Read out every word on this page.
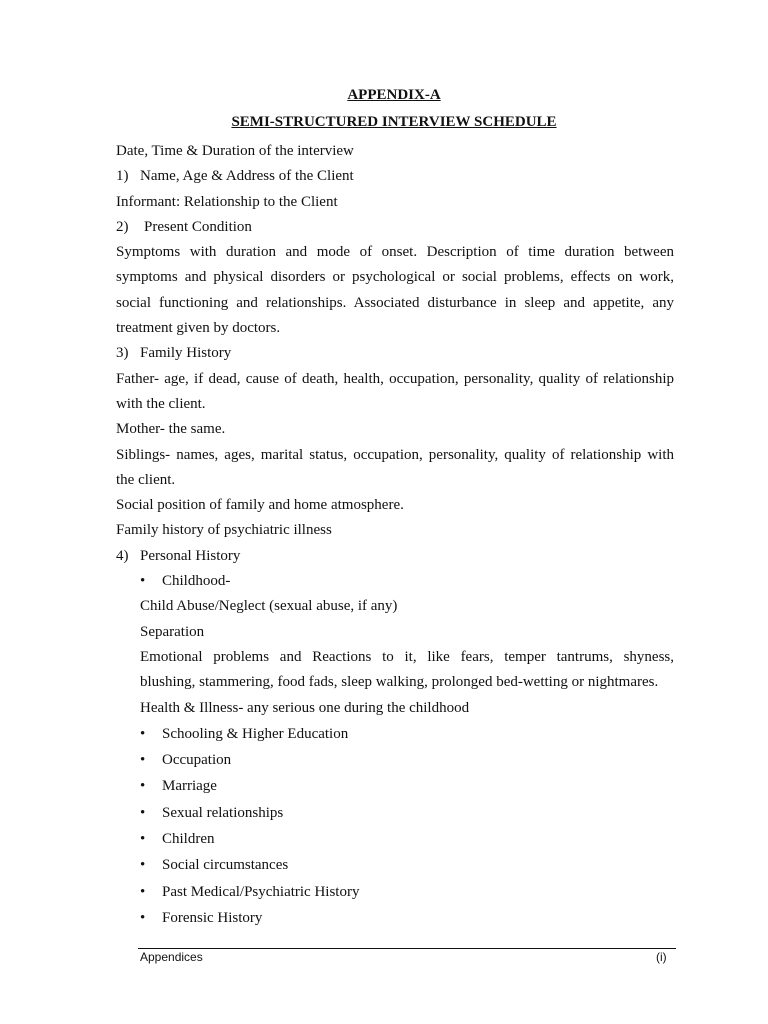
APPENDIX-A
SEMI-STRUCTURED INTERVIEW SCHEDULE
Date, Time & Duration of the interview
1) Name, Age & Address of the Client
Informant: Relationship to the Client
2) Present Condition
Symptoms with duration and mode of onset. Description of time duration between
symptoms and physical disorders or psychological or social problems, effects on work,
social functioning and relationships. Associated disturbance in sleep and appetite, any
treatment given by doctors.
3) Family History
Father- age, if dead, cause of death, health, occupation, personality, quality of relationship
with the client.
Mother- the same.
Siblings- names, ages, marital status, occupation, personality, quality of relationship with
the client.
Social position of family and home atmosphere.
Family history of psychiatric illness
4) Personal History
• Childhood-
Child Abuse/Neglect (sexual abuse, if any)
Separation
Emotional problems and Reactions to it, like fears, temper tantrums, shyness,
blushing, stammering, food fads, sleep walking, prolonged bed-wetting or nightmares.
Health & Illness- any serious one during the childhood
• Schooling & Higher Education
• Occupation
• Marriage
• Sexual relationships
• Children
• Social circumstances
• Past Medical/Psychiatric History
• Forensic History
Appendices	(i)
